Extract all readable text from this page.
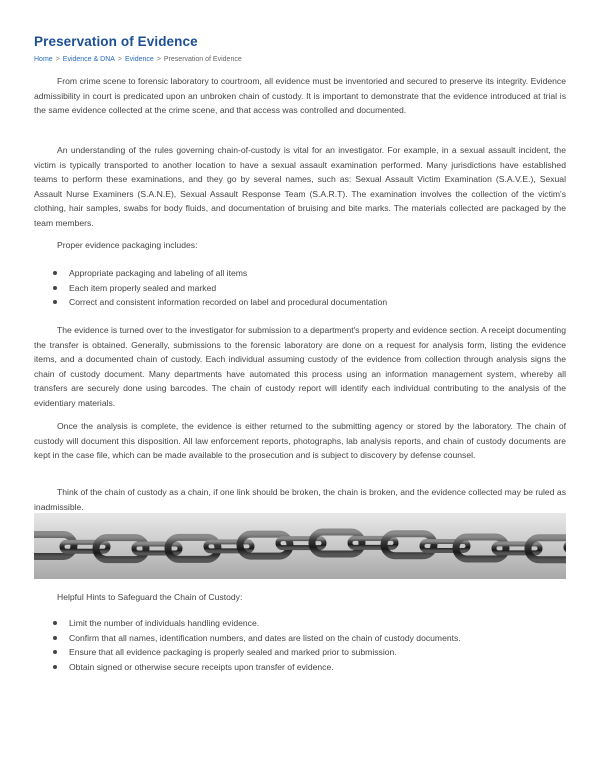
Preservation of Evidence
Home > Evidence & DNA > Evidence > Preservation of Evidence

From crime scene to forensic laboratory to courtroom, all evidence must be inventoried and secured to preserve its integrity. Evidence admissibility in court is predicated upon an unbroken chain of custody. It is important to demonstrate that the evidence introduced at trial is the same evidence collected at the crime scene, and that access was controlled and documented.

An understanding of the rules governing chain-of-custody is vital for an investigator. For example, in a sexual assault incident, the victim is typically transported to another location to have a sexual assault examination performed. Many jurisdictions have established teams to perform these examinations, and they go by several names, such as: Sexual Assault Victim Examination (S.A.V.E.), Sexual Assault Nurse Examiners (S.A.N.E), Sexual Assault Response Team (S.A.R.T). The examination involves the collection of the victim's clothing, hair samples, swabs for body fluids, and documentation of bruising and bite marks. The materials collected are packaged by the team members.

Proper evidence packaging includes:

Appropriate packaging and labeling of all items
Each item properly sealed and marked
Correct and consistent information recorded on label and procedural documentation

The evidence is turned over to the investigator for submission to a department's property and evidence section. A receipt documenting the transfer is obtained. Generally, submissions to the forensic laboratory are done on a request for analysis form, listing the evidence items, and a documented chain of custody. Each individual assuming custody of the evidence from collection through analysis signs the chain of custody document. Many departments have automated this process using an information management system, whereby all transfers are securely done using barcodes. The chain of custody report will identify each individual contributing to the analysis of the evidentiary materials.

Once the analysis is complete, the evidence is either returned to the submitting agency or stored by the laboratory. The chain of custody will document this disposition. All law enforcement reports, photographs, lab analysis reports, and chain of custody documents are kept in the case file, which can be made available to the prosecution and is subject to discovery by defense counsel.

Think of the chain of custody as a chain, if one link should be broken, the chain is broken, and the evidence collected may be ruled as inadmissible.

Helpful Hints to Safeguard the Chain of Custody:

Limit the number of individuals handling evidence.
Confirm that all names, identification numbers, and dates are listed on the chain of custody documents.
Ensure that all evidence packaging is properly sealed and marked prior to submission.
Obtain signed or otherwise secure receipts upon transfer of evidence.
